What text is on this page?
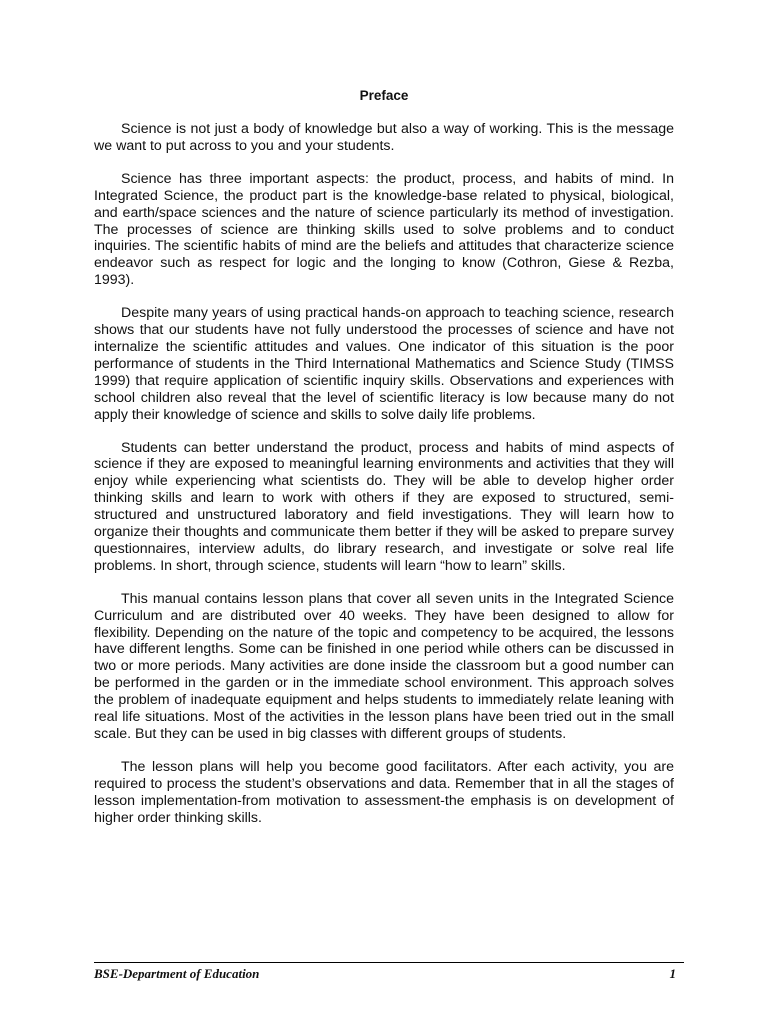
Preface

Science is not just a body of knowledge but also a way of working. This is the message we want to put across to you and your students.

Science has three important aspects: the product, process, and habits of mind. In Integrated Science, the product part is the knowledge-base related to physical, biological, and earth/space sciences and the nature of science particularly its method of investigation. The processes of science are thinking skills used to solve problems and to conduct inquiries. The scientific habits of mind are the beliefs and attitudes that characterize science endeavor such as respect for logic and the longing to know (Cothron, Giese & Rezba, 1993).

Despite many years of using practical hands-on approach to teaching science, research shows that our students have not fully understood the processes of science and have not internalize the scientific attitudes and values. One indicator of this situation is the poor performance of students in the Third International Mathematics and Science Study (TIMSS 1999) that require application of scientific inquiry skills. Observations and experiences with school children also reveal that the level of scientific literacy is low because many do not apply their knowledge of science and skills to solve daily life problems.

Students can better understand the product, process and habits of mind aspects of science if they are exposed to meaningful learning environments and activities that they will enjoy while experiencing what scientists do. They will be able to develop higher order thinking skills and learn to work with others if they are exposed to structured, semi-structured and unstructured laboratory and field investigations. They will learn how to organize their thoughts and communicate them better if they will be asked to prepare survey questionnaires, interview adults, do library research, and investigate or solve real life problems. In short, through science, students will learn “how to learn” skills.

This manual contains lesson plans that cover all seven units in the Integrated Science Curriculum and are distributed over 40 weeks. They have been designed to allow for flexibility. Depending on the nature of the topic and competency to be acquired, the lessons have different lengths. Some can be finished in one period while others can be discussed in two or more periods. Many activities are done inside the classroom but a good number can be performed in the garden or in the immediate school environment. This approach solves the problem of inadequate equipment and helps students to immediately relate leaning with real life situations. Most of the activities in the lesson plans have been tried out in the small scale. But they can be used in big classes with different groups of students.

The lesson plans will help you become good facilitators. After each activity, you are required to process the student’s observations and data. Remember that in all the stages of lesson implementation-from motivation to assessment-the emphasis is on development of higher order thinking skills.

BSE-Department of Education	1
